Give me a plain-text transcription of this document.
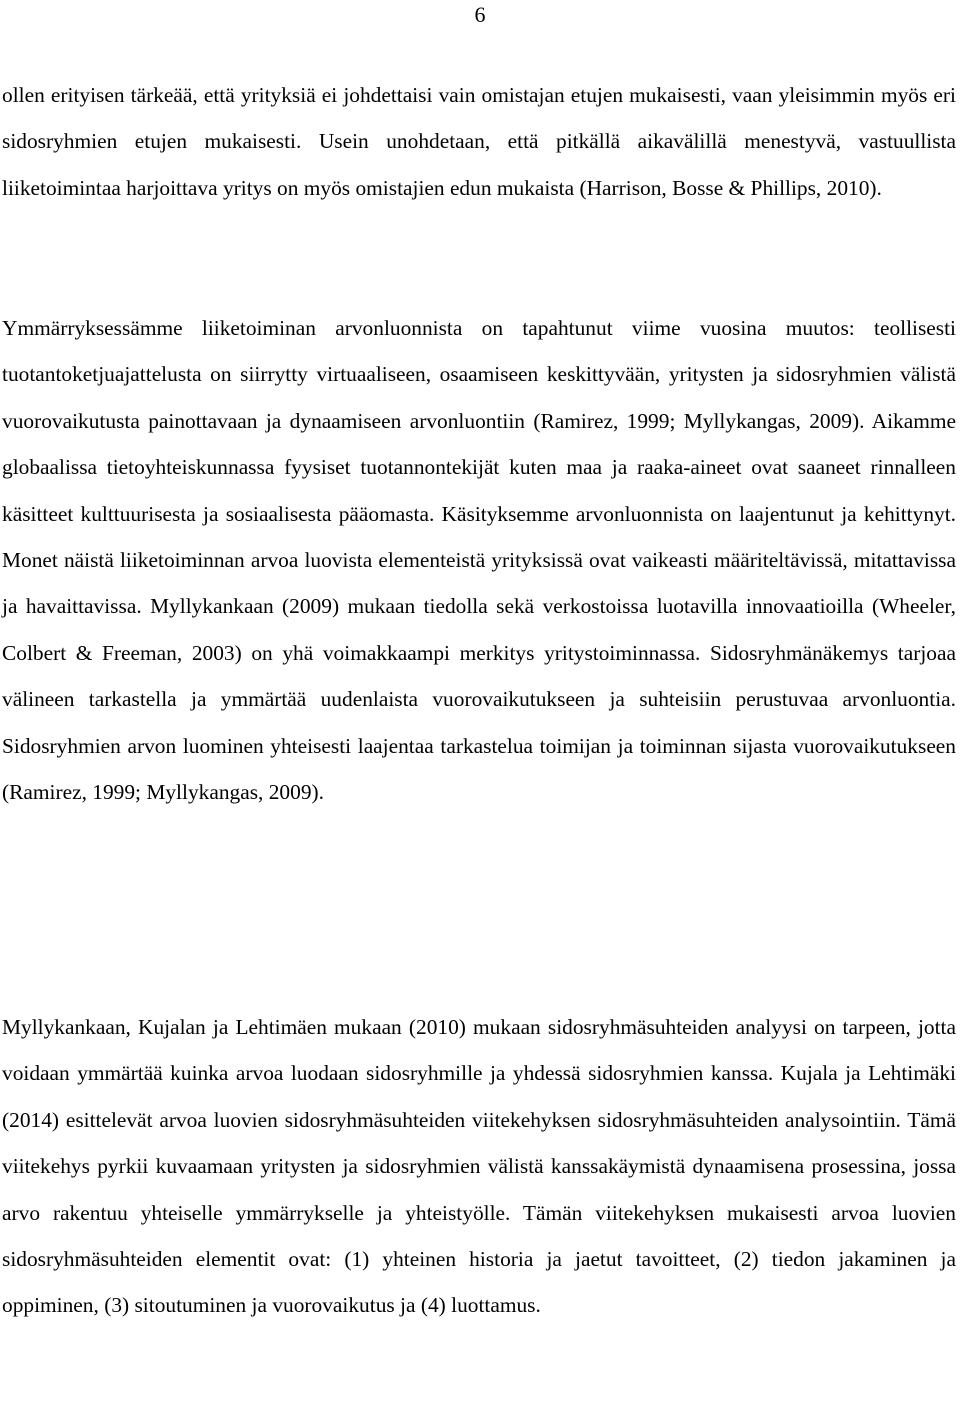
6

ollen erityisen tärkeää, että yrityksiä ei johdettaisi vain omistajan etujen mukaisesti, vaan yleisimmin myös eri sidosryhmien etujen mukaisesti. Usein unohdetaan, että pitkällä aikavälillä menestyvä, vastuullista liiketoimintaa harjoittava yritys on myös omistajien edun mukaista (Harrison, Bosse & Phillips, 2010).

Ymmärryksessämme liiketoiminan arvonluonnista on tapahtunut viime vuosina muutos: teollisesti tuotantoketjuajattelusta on siirrytty virtuaaliseen, osaamiseen keskittyvään, yritysten ja sidosryhmien välistä vuorovaikutusta painottavaan ja dynaamiseen arvonluontiin (Ramirez, 1999; Myllykangas, 2009). Aikamme globaalissa tietoyhteiskunnassa fyysiset tuotannontekijät kuten maa ja raaka-aineet ovat saaneet rinnalleen käsitteet kulttuurisesta ja sosiaalisesta pääomasta. Käsityksemme arvonluonnista on laajentunut ja kehittynyt. Monet näistä liiketoiminnan arvoa luovista elementeistä yrityksissä ovat vaikeasti määriteltävissä, mitattavissa ja havaittavissa. Myllykankaan (2009) mukaan tiedolla sekä verkostoissa luotavilla innovaatioilla (Wheeler, Colbert & Freeman, 2003) on yhä voimakkaampi merkitys yritystoiminnassa. Sidosryhmänäkemys tarjoaa välineen tarkastella ja ymmärtää uudenlaista vuorovaikutukseen ja suhteisiin perustuvaa arvonluontia. Sidosryhmien arvon luominen yhteisesti laajentaa tarkastelua toimijan ja toiminnan sijasta vuorovaikutukseen (Ramirez, 1999; Myllykangas, 2009).

Myllykankaan, Kujalan ja Lehtimäen mukaan (2010) mukaan sidosryhmäsuhteiden analyysi on tarpeen, jotta voidaan ymmärtää kuinka arvoa luodaan sidosryhmille ja yhdessä sidosryhmien kanssa. Kujala ja Lehtimäki (2014) esittelevät arvoa luovien sidosryhmäsuhteiden viitekehyksen sidosryhmäsuhteiden analysointiin. Tämä viitekehys pyrkii kuvaamaan yritysten ja sidosryhmien välistä kanssakäymistä dynaamisena prosessina, jossa arvo rakentuu yhteiselle ymmärrykselle ja yhteistyölle. Tämän viitekehyksen mukaisesti arvoa luovien sidosryhmäsuhteiden elementit ovat: (1) yhteinen historia ja jaetut tavoitteet, (2) tiedon jakaminen ja oppiminen, (3) sitoutuminen ja vuorovaikutus ja (4) luottamus.
